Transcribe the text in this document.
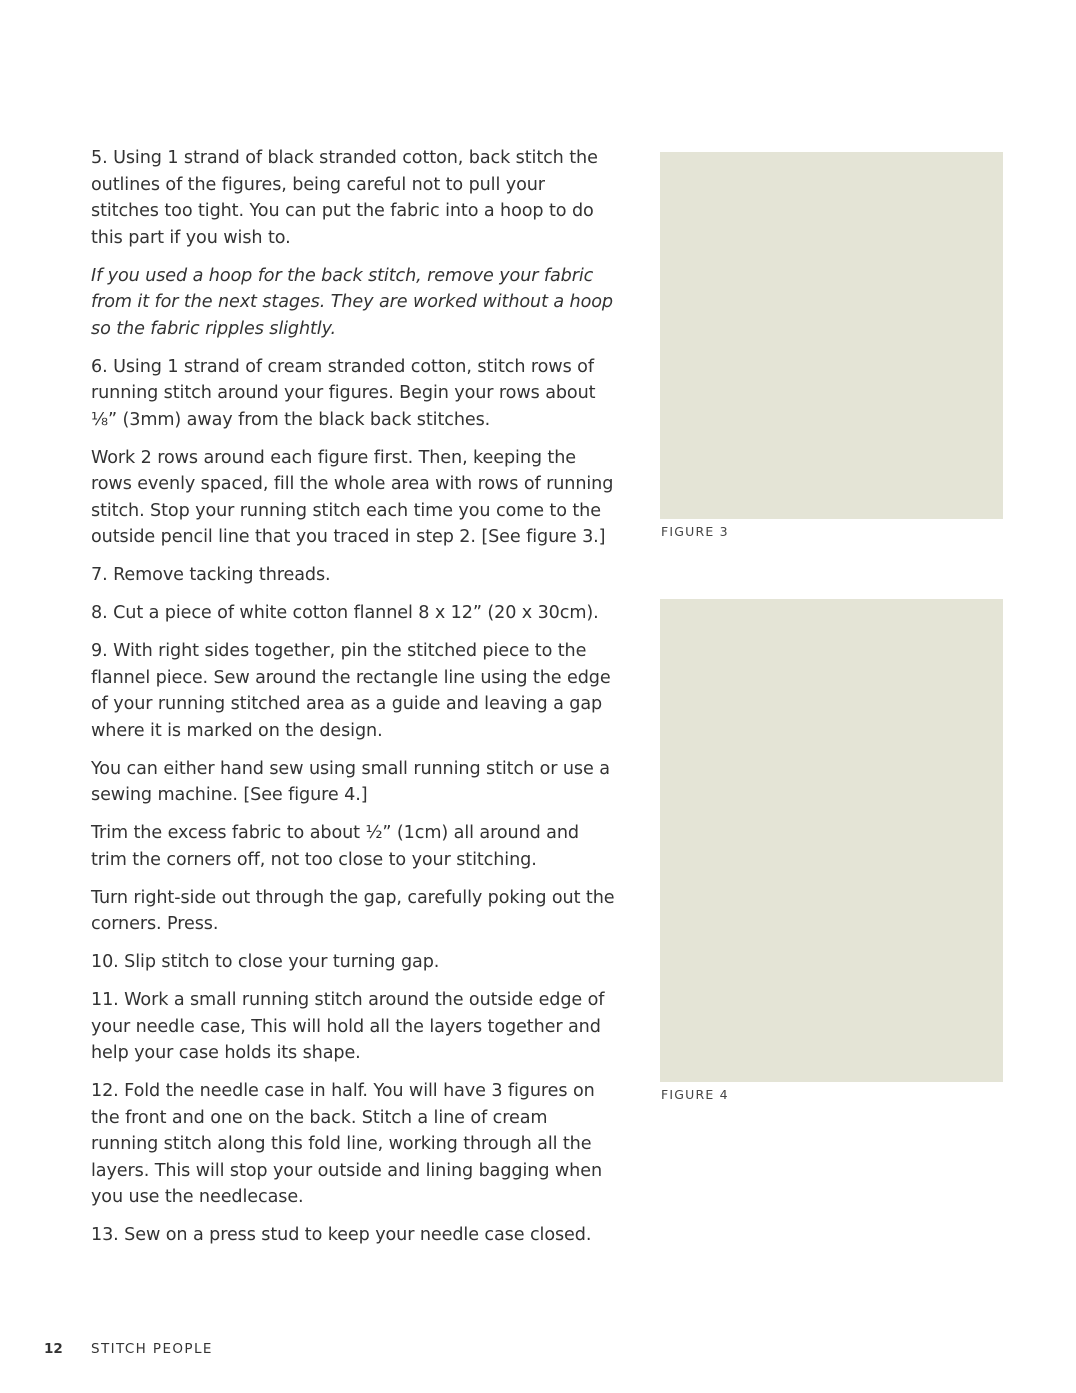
5. Using 1 strand of black stranded cotton, back stitch the outlines of the figures, being careful not to pull your stitches too tight. You can put the fabric into a hoop to do this part if you wish to.

If you used a hoop for the back stitch, remove your fabric from it for the next stages. They are worked without a hoop so the fabric ripples slightly.

6. Using 1 strand of cream stranded cotton, stitch rows of running stitch around your figures. Begin your rows about ⅛” (3mm) away from the black back stitches.

Work 2 rows around each figure first. Then, keeping the rows evenly spaced, fill the whole area with rows of running stitch. Stop your running stitch each time you come to the outside pencil line that you traced in step 2. [See figure 3.]

7. Remove tacking threads.

8. Cut a piece of white cotton flannel 8 x 12” (20 x 30cm).

9. With right sides together, pin the stitched piece to the flannel piece. Sew around the rectangle line using the edge of your running stitched area as a guide and leaving a gap where it is marked on the design.

You can either hand sew using small running stitch or use a sewing machine. [See figure 4.]

Trim the excess fabric to about ½” (1cm) all around and trim the corners off, not too close to your stitching.

Turn right-side out through the gap, carefully poking out the corners. Press.

10. Slip stitch to close your turning gap.

11. Work a small running stitch around the outside edge of your needle case, This will hold all the layers together and help your case holds its shape.

12. Fold the needle case in half. You will have 3 figures on the front and one on the back. Stitch a line of cream running stitch along this fold line, working through all the layers. This will stop your outside and lining bagging when you use the needlecase.

13. Sew on a press stud to keep your needle case closed.

FIGURE 3
FIGURE 4
12 STITCH PEOPLE
